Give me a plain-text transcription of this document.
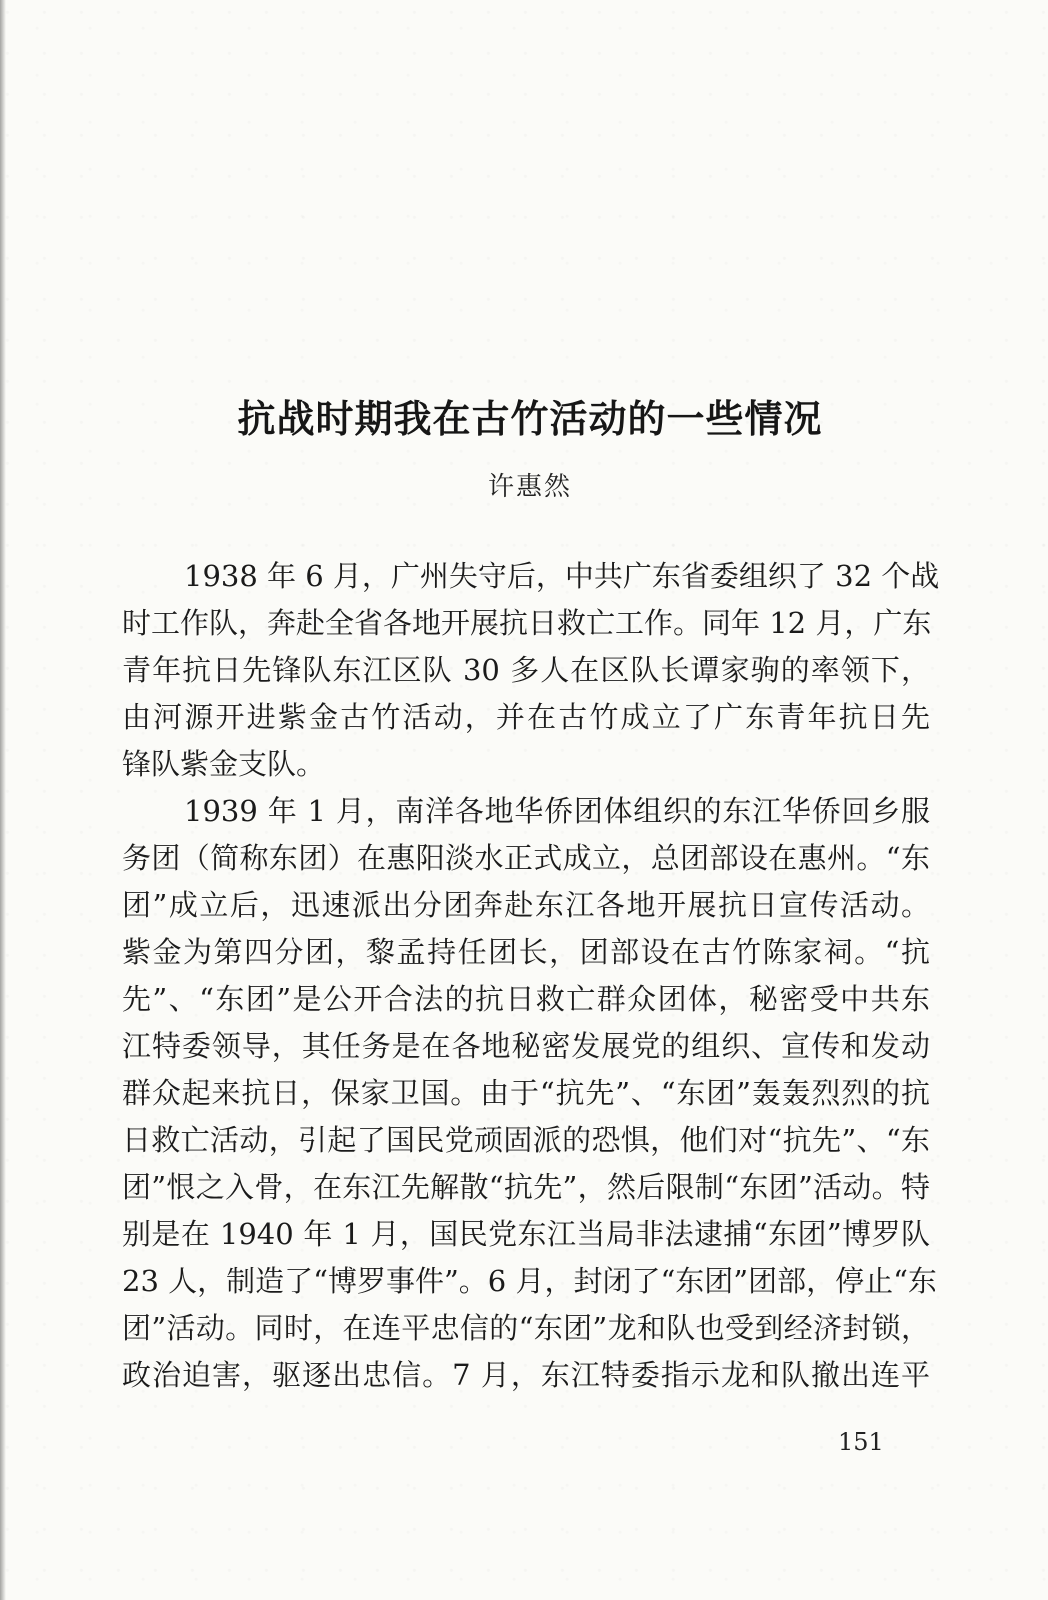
抗战时期我在古竹活动的一些情况
许惠然
1938 年 6 月，广州失守后，中共广东省委组织了 32 个战
时工作队，奔赴全省各地开展抗日救亡工作。同年 12 月，广东
青年抗日先锋队东江区队 30 多人在区队长谭家驹的率领下，
由河源开进紫金古竹活动，并在古竹成立了广东青年抗日先
锋队紫金支队。
1939 年 1 月，南洋各地华侨团体组织的东江华侨回乡服
务团（简称东团）在惠阳淡水正式成立，总团部设在惠州。“东
团”成立后，迅速派出分团奔赴东江各地开展抗日宣传活动。
紫金为第四分团，黎孟持任团长，团部设在古竹陈家祠。“抗
先”、“东团”是公开合法的抗日救亡群众团体，秘密受中共东
江特委领导，其任务是在各地秘密发展党的组织、宣传和发动
群众起来抗日，保家卫国。由于“抗先”、“东团”轰轰烈烈的抗
日救亡活动，引起了国民党顽固派的恐惧，他们对“抗先”、“东
团”恨之入骨，在东江先解散“抗先”，然后限制“东团”活动。特
别是在 1940 年 1 月，国民党东江当局非法逮捕“东团”博罗队
23 人，制造了“博罗事件”。6 月，封闭了“东团”团部，停止“东
团”活动。同时，在连平忠信的“东团”龙和队也受到经济封锁，
政治迫害，驱逐出忠信。7 月，东江特委指示龙和队撤出连平
151
